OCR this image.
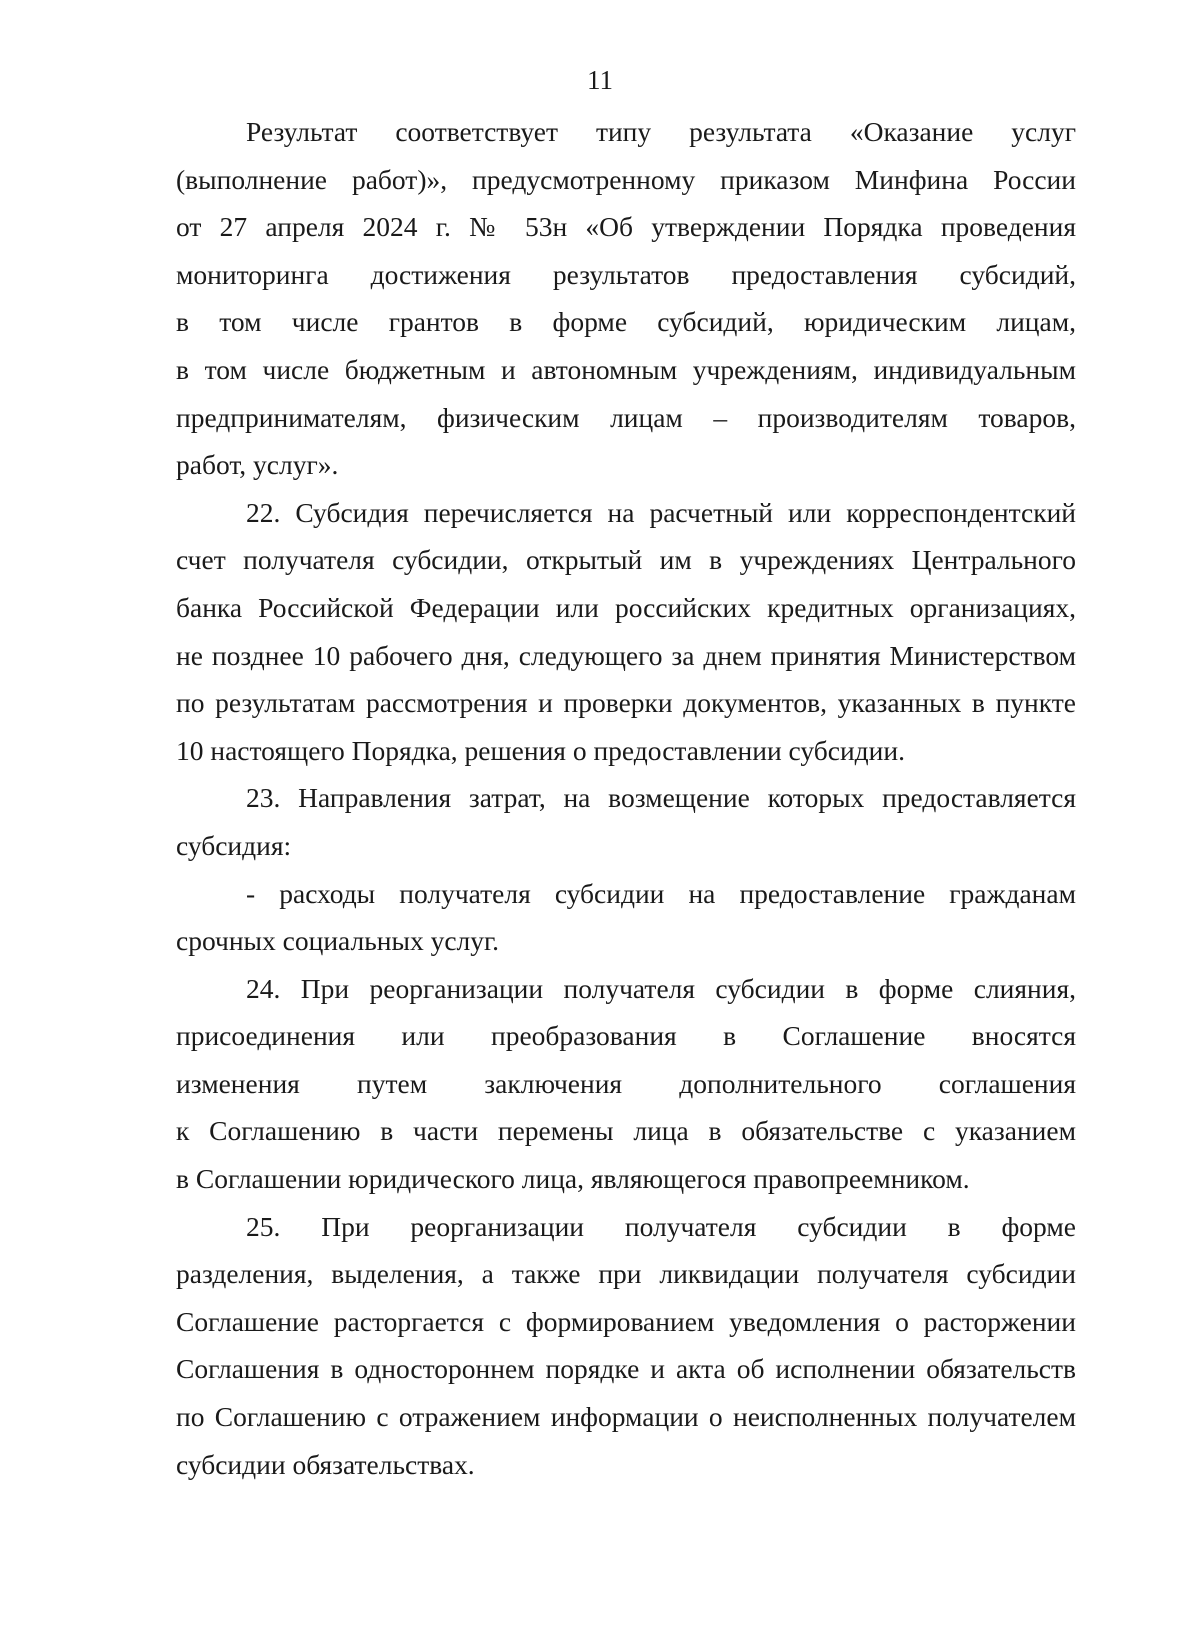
11
Результат соответствует типу результата «Оказание услуг
(выполнение работ)», предусмотренному приказом Минфина России
от 27 апреля 2024 г. № 53н «Об утверждении Порядка проведения
мониторинга достижения результатов предоставления субсидий,
в том числе грантов в форме субсидий, юридическим лицам,
в том числе бюджетным и автономным учреждениям, индивидуальным
предпринимателям, физическим лицам – производителям товаров,
работ, услуг».
22. Субсидия перечисляется на расчетный или корреспондентский
счет получателя субсидии, открытый им в учреждениях Центрального
банка Российской Федерации или российских кредитных организациях,
не позднее 10 рабочего дня, следующего за днем принятия Министерством
по результатам рассмотрения и проверки документов, указанных в пункте
10 настоящего Порядка, решения о предоставлении субсидии.
23. Направления затрат, на возмещение которых предоставляется
субсидия:
- расходы получателя субсидии на предоставление гражданам
срочных социальных услуг.
24. При реорганизации получателя субсидии в форме слияния,
присоединения или преобразования в Соглашение вносятся
изменения путем заключения дополнительного соглашения
к Соглашению в части перемены лица в обязательстве с указанием
в Соглашении юридического лица, являющегося правопреемником.
25. При реорганизации получателя субсидии в форме
разделения, выделения, а также при ликвидации получателя субсидии
Соглашение расторгается с формированием уведомления о расторжении
Соглашения в одностороннем порядке и акта об исполнении обязательств
по Соглашению с отражением информации о неисполненных получателем
субсидии обязательствах.
